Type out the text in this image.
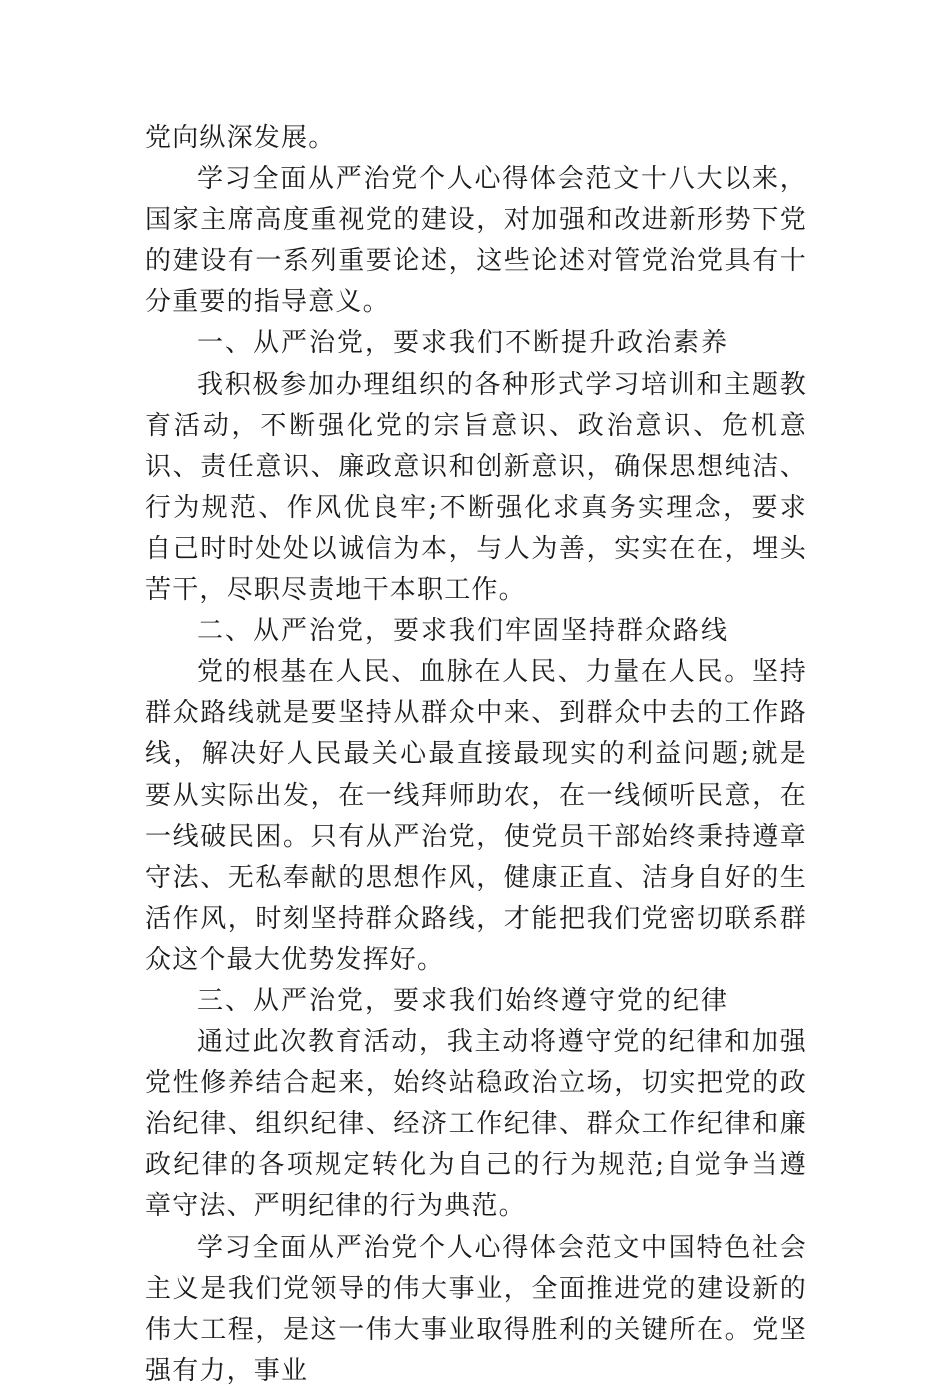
党向纵深发展。

学习全面从严治党个人心得体会范文十八大以来，国家主席高度重视党的建设，对加强和改进新形势下党的建设有一系列重要论述，这些论述对管党治党具有十分重要的指导意义。

一、从严治党，要求我们不断提升政治素养

我积极参加办理组织的各种形式学习培训和主题教育活动，不断强化党的宗旨意识、政治意识、危机意识、责任意识、廉政意识和创新意识，确保思想纯洁、行为规范、作风优良牢;不断强化求真务实理念，要求自己时时处处以诚信为本，与人为善，实实在在，埋头苦干，尽职尽责地干本职工作。

二、从严治党，要求我们牢固坚持群众路线

党的根基在人民、血脉在人民、力量在人民。坚持群众路线就是要坚持从群众中来、到群众中去的工作路线，解决好人民最关心最直接最现实的利益问题;就是要从实际出发，在一线拜师助农，在一线倾听民意，在一线破民困。只有从严治党，使党员干部始终秉持遵章守法、无私奉献的思想作风，健康正直、洁身自好的生活作风，时刻坚持群众路线，才能把我们党密切联系群众这个最大优势发挥好。

三、从严治党，要求我们始终遵守党的纪律

通过此次教育活动，我主动将遵守党的纪律和加强党性修养结合起来，始终站稳政治立场，切实把党的政治纪律、组织纪律、经济工作纪律、群众工作纪律和廉政纪律的各项规定转化为自己的行为规范;自觉争当遵章守法、严明纪律的行为典范。

学习全面从严治党个人心得体会范文中国特色社会主义是我们党领导的伟大事业，全面推进党的建设新的伟大工程，是这一伟大事业取得胜利的关键所在。党坚强有力，事业
